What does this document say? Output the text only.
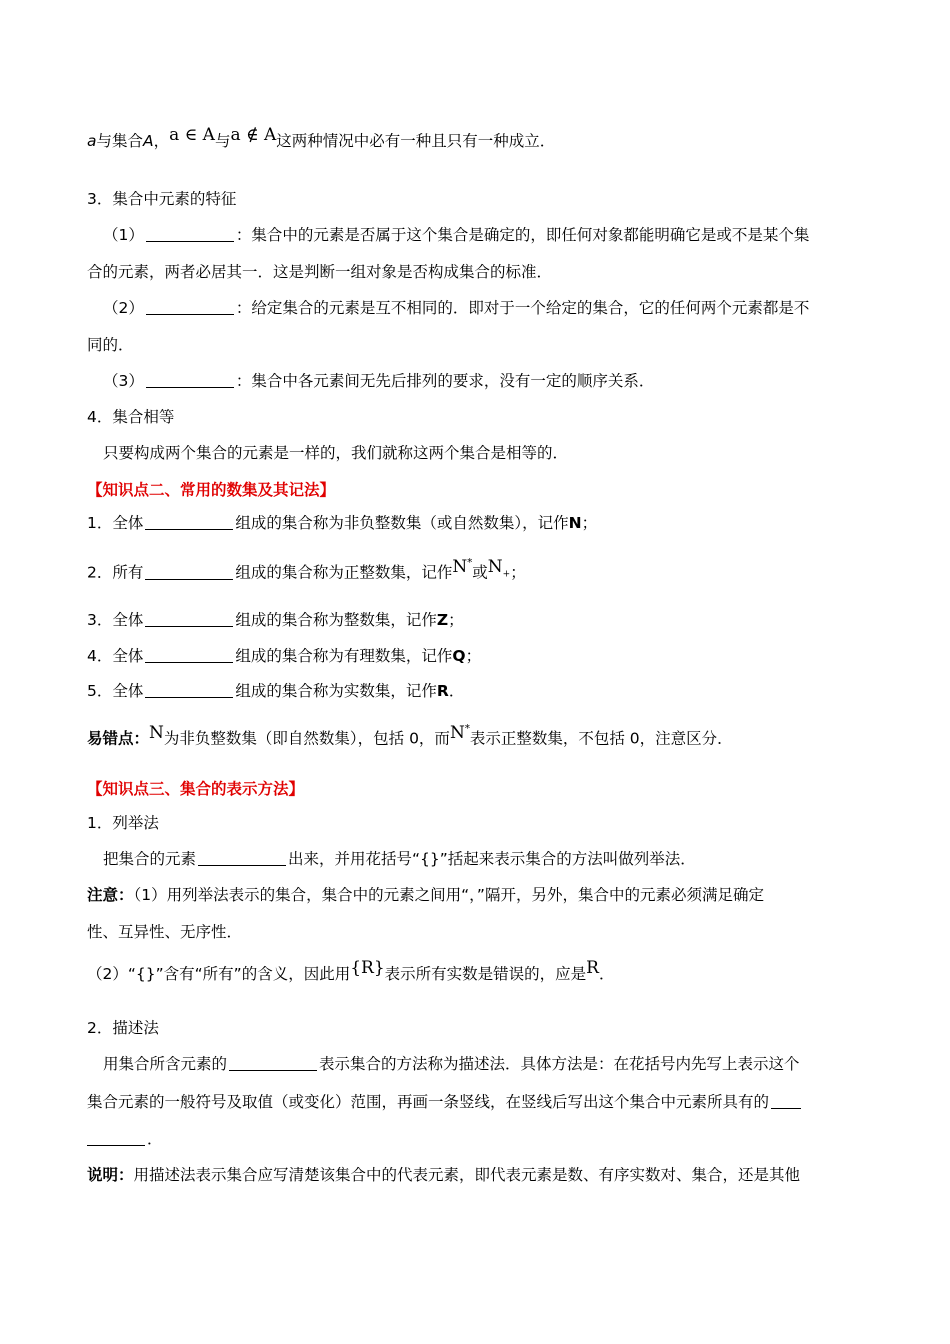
a与集合A，a ∈ A与a ∉ A这两种情况中必有一种且只有一种成立．
3．集合中元素的特征
（1）	：集合中的元素是否属于这个集合是确定的，即任何对象都能明确它是或不是某个集
合的元素，两者必居其一．这是判断一组对象是否构成集合的标准．
（2）	：给定集合的元素是互不相同的．即对于一个给定的集合，它的任何两个元素都是不
同的．
（3）	：集合中各元素间无先后排列的要求，没有一定的顺序关系．
4．集合相等
只要构成两个集合的元素是一样的，我们就称这两个集合是相等的．
【知识点二、常用的数集及其记法】
1．全体	组成的集合称为非负整数集（或自然数集），记作N；
2．所有	组成的集合称为正整数集，记作N*或$N_+$；
3．全体	组成的集合称为整数集，记作Z；
4．全体	组成的集合称为有理数集，记作Q；
5．全体	组成的集合称为实数集，记作R．
易错点：N为非负整数集（即自然数集），包括 0，而N*表示正整数集，不包括 0，注意区分．
【知识点三、集合的表示方法】
1．列举法
把集合的元素	出来，并用花括号“{}”括起来表示集合的方法叫做列举法．
注意：（1）用列举法表示的集合，集合中的元素之间用“，”隔开，另外，集合中的元素必须满足确定
性、互异性、无序性．
（2）“{}”含有“所有”的含义，因此用{R}表示所有实数是错误的，应是R．
2．描述法
用集合所含元素的	表示集合的方法称为描述法．具体方法是：在花括号内先写上表示这个
集合元素的一般符号及取值（或变化）范围，再画一条竖线，在竖线后写出这个集合中元素所具有的
．
说明：用描述法表示集合应写清楚该集合中的代表元素，即代表元素是数、有序实数对、集合，还是其他
